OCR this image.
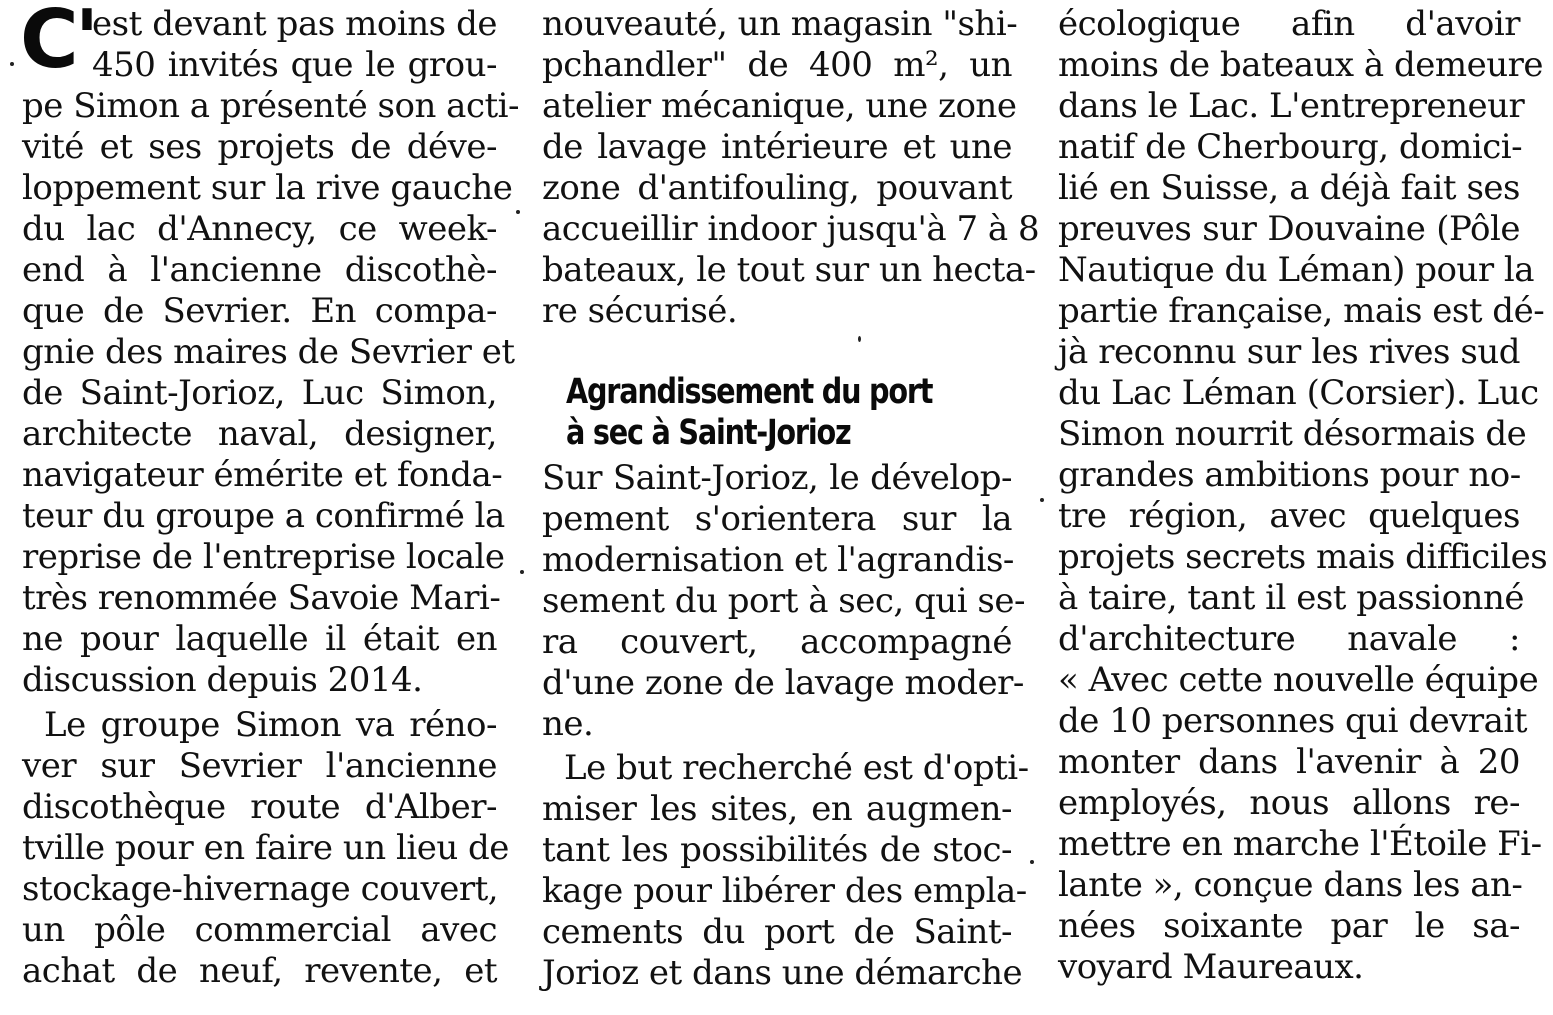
C'
est devant pas moins de
450 invités que le grou-
pe Simon a présenté son acti-
vité et ses projets de déve-
loppement sur la rive gauche
du lac d'Annecy, ce week-
end à l'ancienne discothè-
que de Sevrier. En compa-
gnie des maires de Sevrier et
de Saint-Jorioz, Luc Simon,
architecte naval, designer,
navigateur émérite et fonda-
teur du groupe a confirmé la
reprise de l'entreprise locale
très renommée Savoie Mari-
ne pour laquelle il était en
discussion depuis 2014.
Le groupe Simon va réno-
ver sur Sevrier l'ancienne
discothèque route d'Alber-
tville pour en faire un lieu de
stockage-hivernage couvert,
un pôle commercial avec
achat de neuf, revente, et
nouveauté, un magasin "shi-
pchandler" de 400 m², un
atelier mécanique, une zone
de lavage intérieure et une
zone d'antifouling, pouvant
accueillir indoor jusqu'à 7 à 8
bateaux, le tout sur un hecta-
re sécurisé.
Agrandissement du port
à sec à Saint-Jorioz
Sur Saint-Jorioz, le dévelop-
pement s'orientera sur la
modernisation et l'agrandis-
sement du port à sec, qui se-
ra couvert, accompagné
d'une zone de lavage moder-
ne.
Le but recherché est d'opti-
miser les sites, en augmen-
tant les possibilités de stoc-
kage pour libérer des empla-
cements du port de Saint-
Jorioz et dans une démarche
écologique afin d'avoir
moins de bateaux à demeure
dans le Lac. L'entrepreneur
natif de Cherbourg, domici-
lié en Suisse, a déjà fait ses
preuves sur Douvaine (Pôle
Nautique du Léman) pour la
partie française, mais est dé-
jà reconnu sur les rives sud
du Lac Léman (Corsier). Luc
Simon nourrit désormais de
grandes ambitions pour no-
tre région, avec quelques
projets secrets mais difficiles
à taire, tant il est passionné
d'architecture navale :
« Avec cette nouvelle équipe
de 10 personnes qui devrait
monter dans l'avenir à 20
employés, nous allons re-
mettre en marche l'Étoile Fi-
lante », conçue dans les an-
nées soixante par le sa-
voyard Maureaux.
